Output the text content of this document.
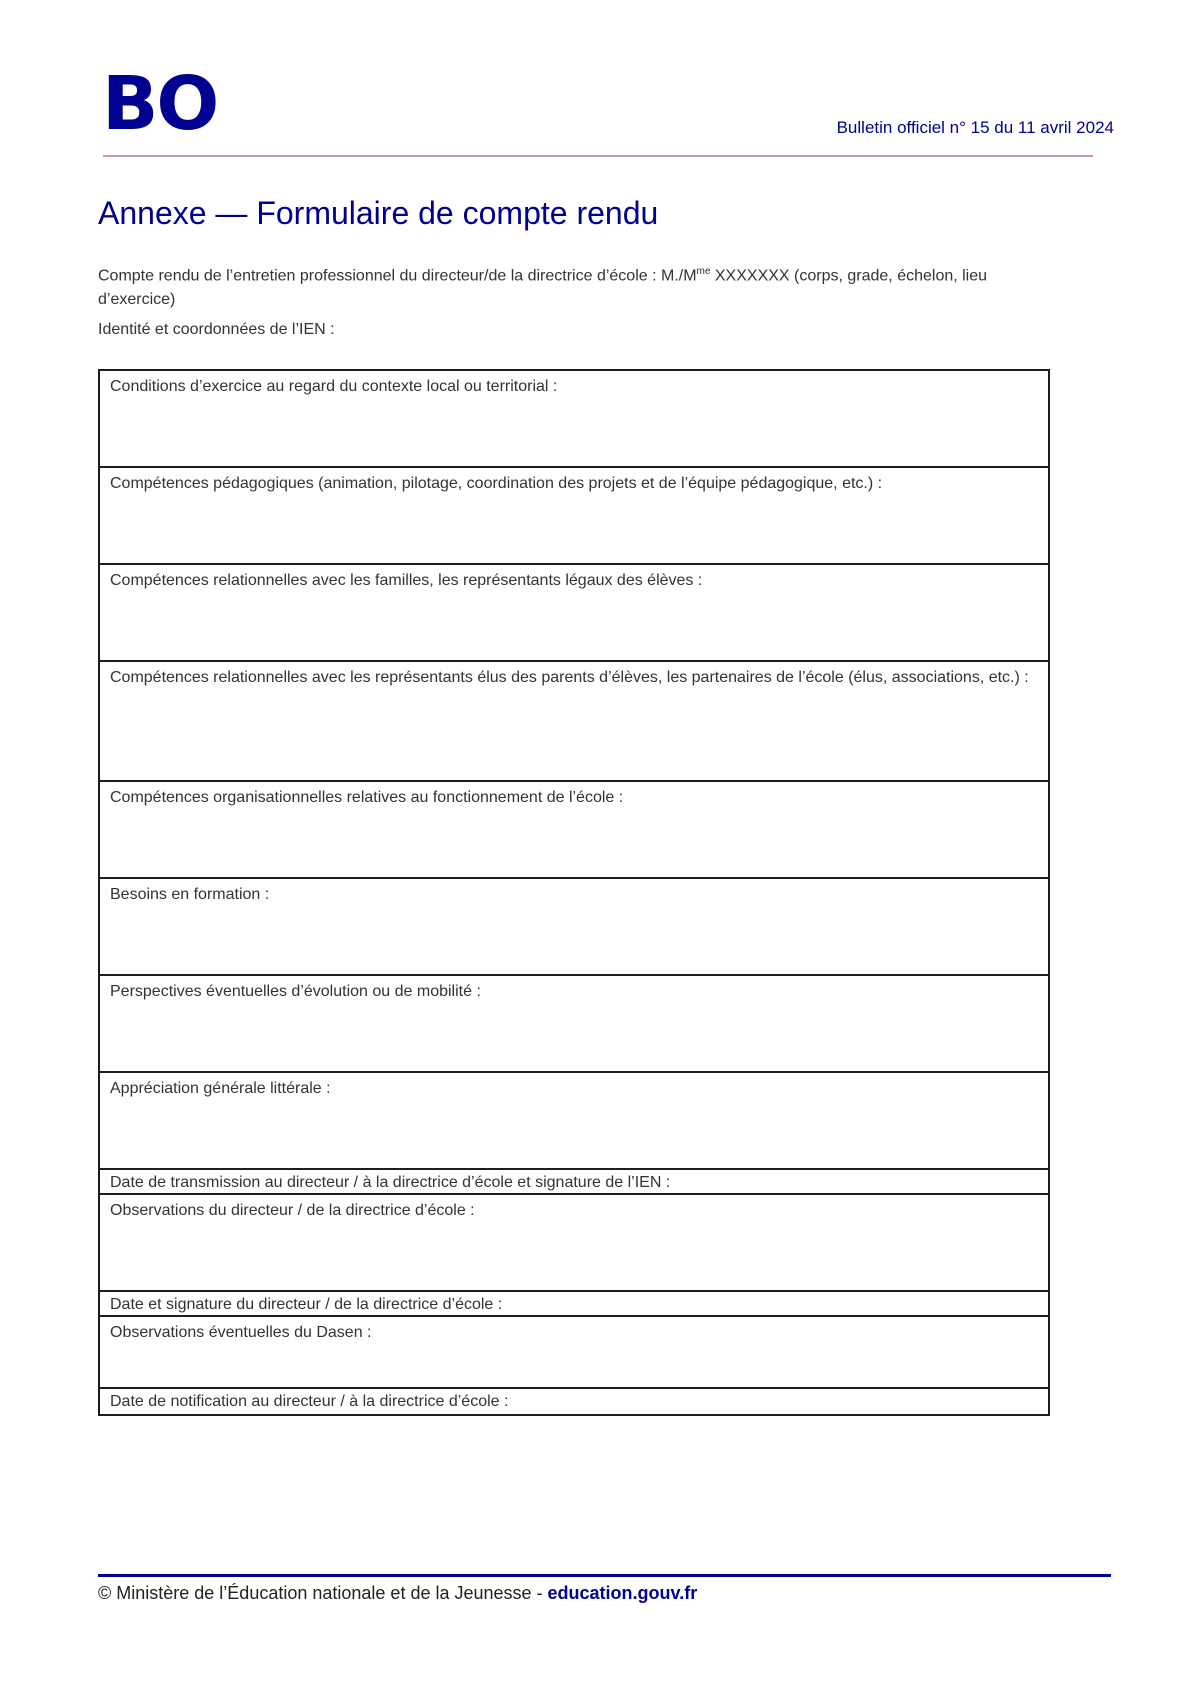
BO	Bulletin officiel n° 15 du 11 avril 2024
Annexe — Formulaire de compte rendu

Compte rendu de l’entretien professionnel du directeur/de la directrice d’école : $M./M^{me}$ XXXXXXX (corps, grade, échelon, lieu d’exercice)

Identité et coordonnées de l’IEN :

Conditions d’exercice au regard du contexte local ou territorial :
Compétences pédagogiques (animation, pilotage, coordination des projets et de l’équipe pédagogique, etc.) :
Compétences relationnelles avec les familles, les représentants légaux des élèves :
Compétences relationnelles avec les représentants élus des parents d’élèves, les partenaires de l’école (élus, associations, etc.) :
Compétences organisationnelles relatives au fonctionnement de l’école :
Besoins en formation :
Perspectives éventuelles d’évolution ou de mobilité :
Appréciation générale littérale :
Date de transmission au directeur / à la directrice d’école et signature de l’IEN :
Observations du directeur / de la directrice d’école :
Date et signature du directeur / de la directrice d’école :
Observations éventuelles du Dasen :
Date de notification au directeur / à la directrice d’école :
© Ministère de l’Éducation nationale et de la Jeunesse - education.gouv.fr
